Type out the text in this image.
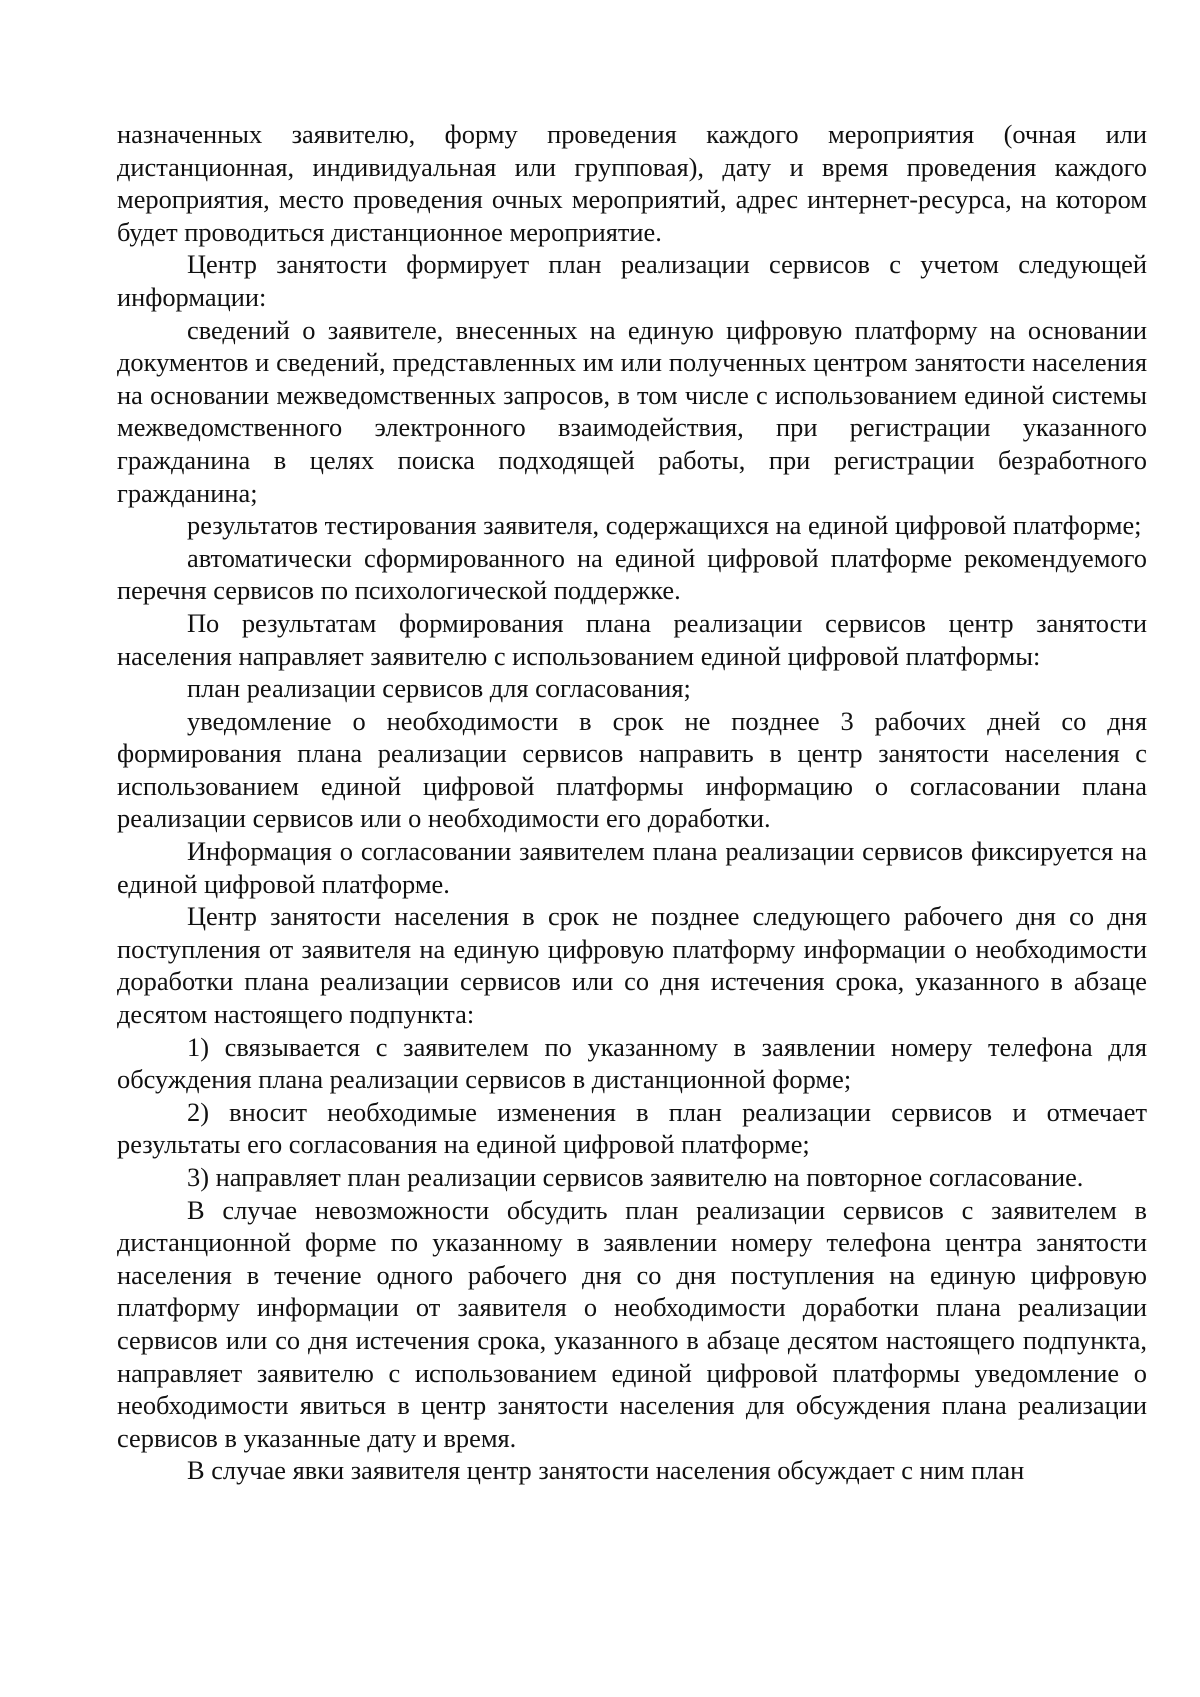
назначенных заявителю, форму проведения каждого мероприятия (очная или дистанционная, индивидуальная или групповая), дату и время проведения каждого мероприятия, место проведения очных мероприятий, адрес интернет-ресурса, на котором будет проводиться дистанционное мероприятие.

Центр занятости формирует план реализации сервисов с учетом следующей информации:

сведений о заявителе, внесенных на единую цифровую платформу на основании документов и сведений, представленных им или полученных центром занятости населения на основании межведомственных запросов, в том числе с использованием единой системы межведомственного электронного взаимодействия, при регистрации указанного гражданина в целях поиска подходящей работы, при регистрации безработного гражданина;

результатов тестирования заявителя, содержащихся на единой цифровой платформе;

автоматически сформированного на единой цифровой платформе рекомендуемого перечня сервисов по психологической поддержке.

По результатам формирования плана реализации сервисов центр занятости населения направляет заявителю с использованием единой цифровой платформы:

план реализации сервисов для согласования;

уведомление о необходимости в срок не позднее 3 рабочих дней со дня формирования плана реализации сервисов направить в центр занятости населения с использованием единой цифровой платформы информацию о согласовании плана реализации сервисов или о необходимости его доработки.

Информация о согласовании заявителем плана реализации сервисов фиксируется на единой цифровой платформе.

Центр занятости населения в срок не позднее следующего рабочего дня со дня поступления от заявителя на единую цифровую платформу информации о необходимости доработки плана реализации сервисов или со дня истечения срока, указанного в абзаце десятом настоящего подпункта:

1) связывается с заявителем по указанному в заявлении номеру телефона для обсуждения плана реализации сервисов в дистанционной форме;

2) вносит необходимые изменения в план реализации сервисов и отмечает результаты его согласования на единой цифровой платформе;

3) направляет план реализации сервисов заявителю на повторное согласование.

В случае невозможности обсудить план реализации сервисов с заявителем в дистанционной форме по указанному в заявлении номеру телефона центра занятости населения в течение одного рабочего дня со дня поступления на единую цифровую платформу информации от заявителя о необходимости доработки плана реализации сервисов или со дня истечения срока, указанного в абзаце десятом настоящего подпункта, направляет заявителю с использованием единой цифровой платформы уведомление о необходимости явиться в центр занятости населения для обсуждения плана реализации сервисов в указанные дату и время.

В случае явки заявителя центр занятости населения обсуждает с ним план
